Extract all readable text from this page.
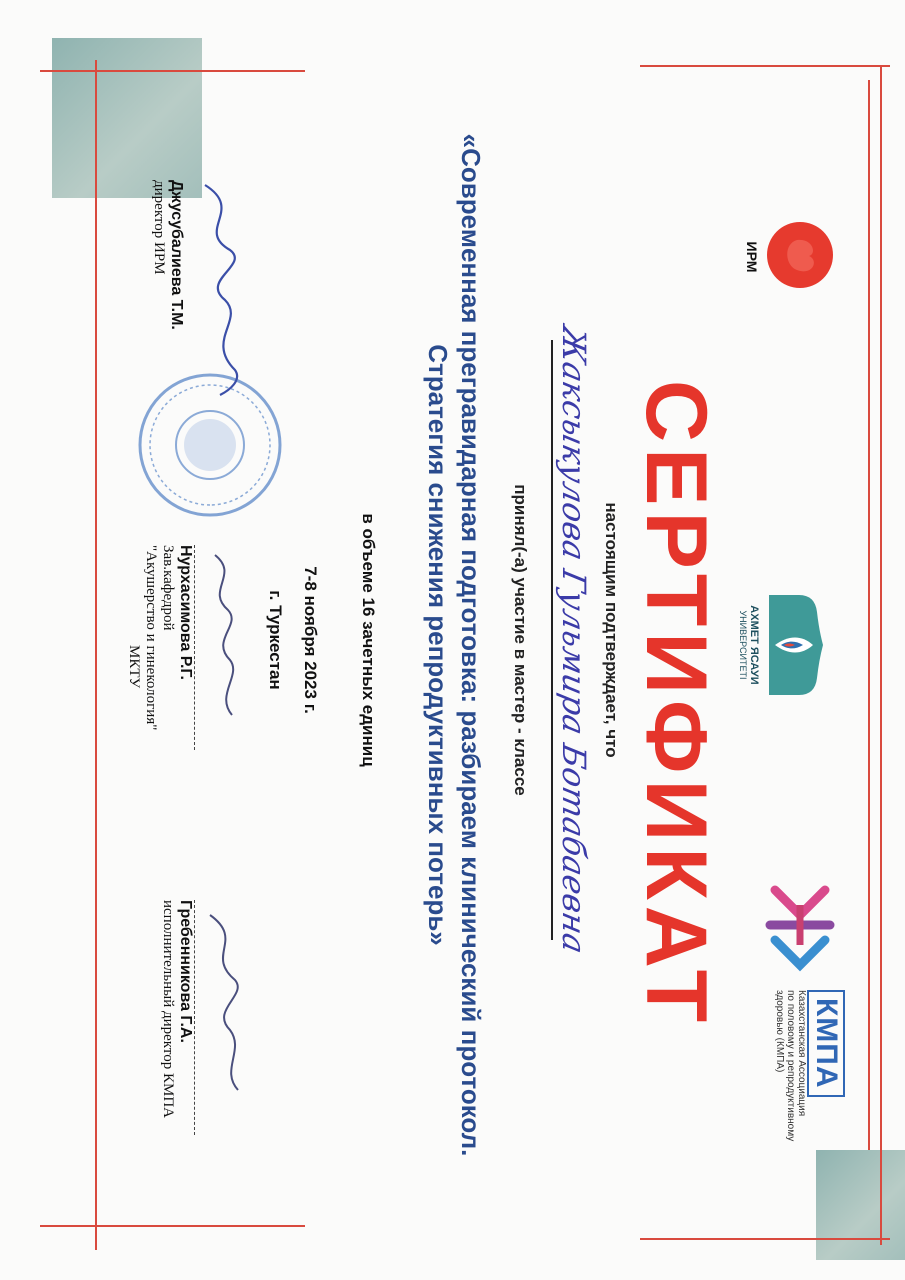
ИРМ
АХМЕТ ЯСАУИ
УНИВЕРСИТЕТІ
КМПА
Казахстанская Ассоциация
по половому и репродуктивному
здоровью (КМПА)
СЕРТИФИКАТ
настоящим подтверждает, что
Жаксыкулова Гульмира Ботабаевна
принял(-а) участие в мастер - классе
«Современная прегравидарная подготовка: разбираем клинический протокол.
Стратегия снижения репродуктивных потерь»
в объеме 16 зачетных единиц
7-8 ноября 2023 г.
г. Туркестан
Джусубалиева Т.М.
директор ИРМ
Нурхасимова Р.Г.
Зав.кафедрой
"Акушерство и гинекология"
МКТУ
Гребенникова Г.А.
исполнительный директор КМПА
